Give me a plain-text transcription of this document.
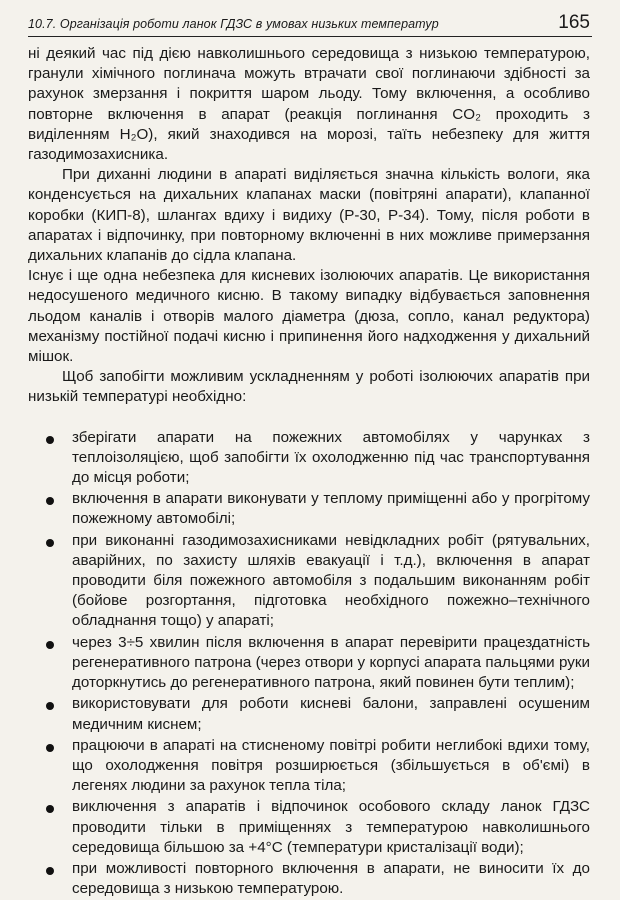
10.7. Організація роботи ланок ГДЗС в умовах низьких температур	165

ні деякий час під дією навколишнього середовища з низькою температурою, гранули хімічного поглинача можуть втрачати свої поглинаючи здібності за рахунок змерзання і покриття шаром льоду. Тому включення, а особливо повторне включення в апарат (реакція поглинання CO₂ проходить з виділенням H₂O), який знаходився на морозі, таїть небезпеку для життя газодимозахисника.

При диханні людини в апараті виділяється значна кількість вологи, яка конденсується на дихальних клапанах маски (повітряні апарати), клапанної коробки (КИП-8), шлангах вдиху і видиху (Р-30, Р-34). Тому, після роботи в апаратах і відпочинку, при повторному включенні в них можливе примерзання дихальних клапанів до сідла клапана.

Існує і ще одна небезпека для кисневих ізолюючих апаратів. Це використання недосушеного медичного кисню. В такому випадку відбувається заповнення льодом каналів і отворів малого діаметра (дюза, сопло, канал редуктора) механізму постійної подачі кисню і припинення його надходження у дихальний мішок.

Щоб запобігти можливим ускладненням у роботі ізолюючих апаратів при низькій температурі необхідно:

зберігати апарати на пожежних автомобілях у чарунках з теплоізоляцією, щоб запобігти їх охолодженню під час транспортування до місця роботи;
включення в апарати виконувати у теплому приміщенні або у прогрітому пожежному автомобілі;
при виконанні газодимозахисниками невідкладних робіт (рятувальних, аварійних, по захисту шляхів евакуації і т.д.), включення в апарат проводити біля пожежного автомобіля з подальшим виконанням робіт (бойове розгортання, підготовка необхідного пожежно–технічного обладнання тощо) у апараті;
через 3÷5 хвилин після включення в апарат перевірити працездатність регенеративного патрона (через отвори у корпусі апарата пальцями руки доторкнутись до регенеративного патрона, який повинен бути теплим);
використовувати для роботи кисневі балони, заправлені осушеним медичним киснем;
працюючи в апараті на стисненому повітрі робити неглибокі вдихи тому, що охолодження повітря розширюється (збільшується в об'ємі) в легенях людини за рахунок тепла тіла;
виключення з апаратів і відпочинок особового складу ланок ГДЗС проводити тільки в приміщеннях з температурою навколишнього середовища більшою за +4°С (температури кристалізації води);
при можливості повторного включення в апарати, не виносити їх до середовища з низькою температурою.
